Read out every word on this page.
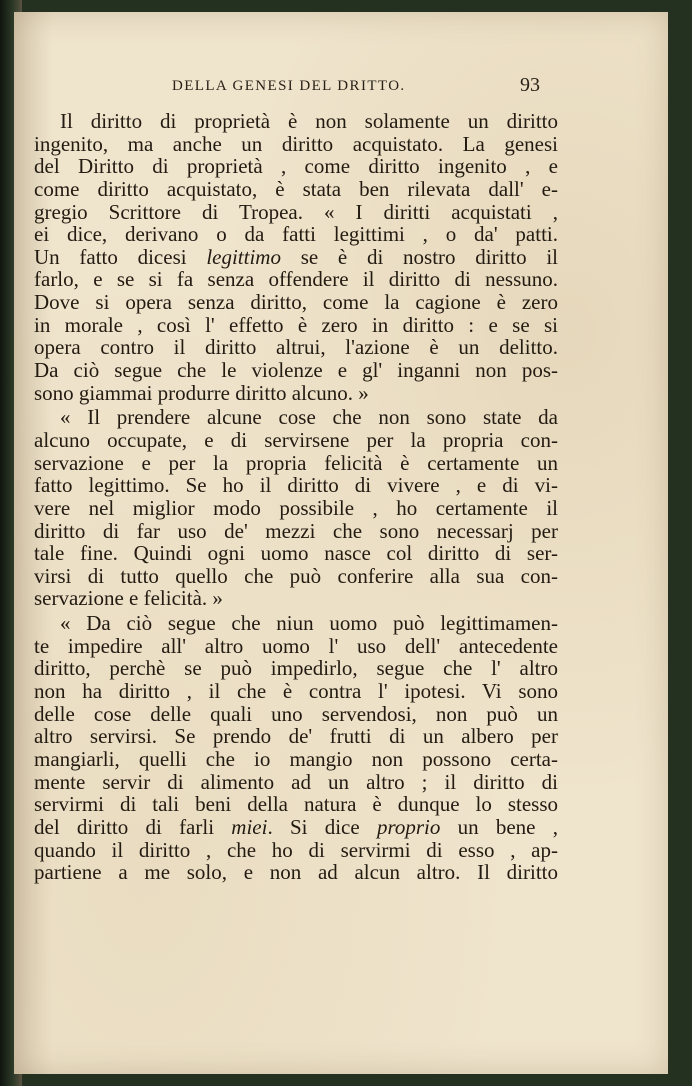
DELLA GENESI DEL DRITTO.	93
Il diritto di proprietà è non solamente un diritto
ingenito, ma anche un diritto acquistato. La genesi
del Diritto di proprietà , come diritto ingenito , e
come diritto acquistato, è stata ben rilevata dall' e-
gregio Scrittore di Tropea. « I diritti acquistati ,
ei dice, derivano o da fatti legittimi , o da' patti.
Un fatto dicesi legittimo se è di nostro diritto il
farlo, e se si fa senza offendere il diritto di nessuno.
Dove si opera senza diritto, come la cagione è zero
in morale , così l' effetto è zero in diritto : e se si
opera contro il diritto altrui, l'azione è un delitto.
Da ciò segue che le violenze e gl' inganni non pos-
sono giammai produrre diritto alcuno. »
« Il prendere alcune cose che non sono state da
alcuno occupate, e di servirsene per la propria con-
servazione e per la propria felicità è certamente un
fatto legittimo. Se ho il diritto di vivere , e di vi-
vere nel miglior modo possibile , ho certamente il
diritto di far uso de' mezzi che sono necessarj per
tale fine. Quindi ogni uomo nasce col diritto di ser-
virsi di tutto quello che può conferire alla sua con-
servazione e felicità. »
« Da ciò segue che niun uomo può legittimamen-
te impedire all' altro uomo l' uso dell' antecedente
diritto, perchè se può impedirlo, segue che l' altro
non ha diritto , il che è contra l' ipotesi. Vi sono
delle cose delle quali uno servendosi, non può un
altro servirsi. Se prendo de' frutti di un albero per
mangiarli, quelli che io mangio non possono certa-
mente servir di alimento ad un altro ; il diritto di
servirmi di tali beni della natura è dunque lo stesso
del diritto di farli miei. Si dice proprio un bene ,
quando il diritto , che ho di servirmi di esso , ap-
partiene a me solo, e non ad alcun altro. Il diritto
